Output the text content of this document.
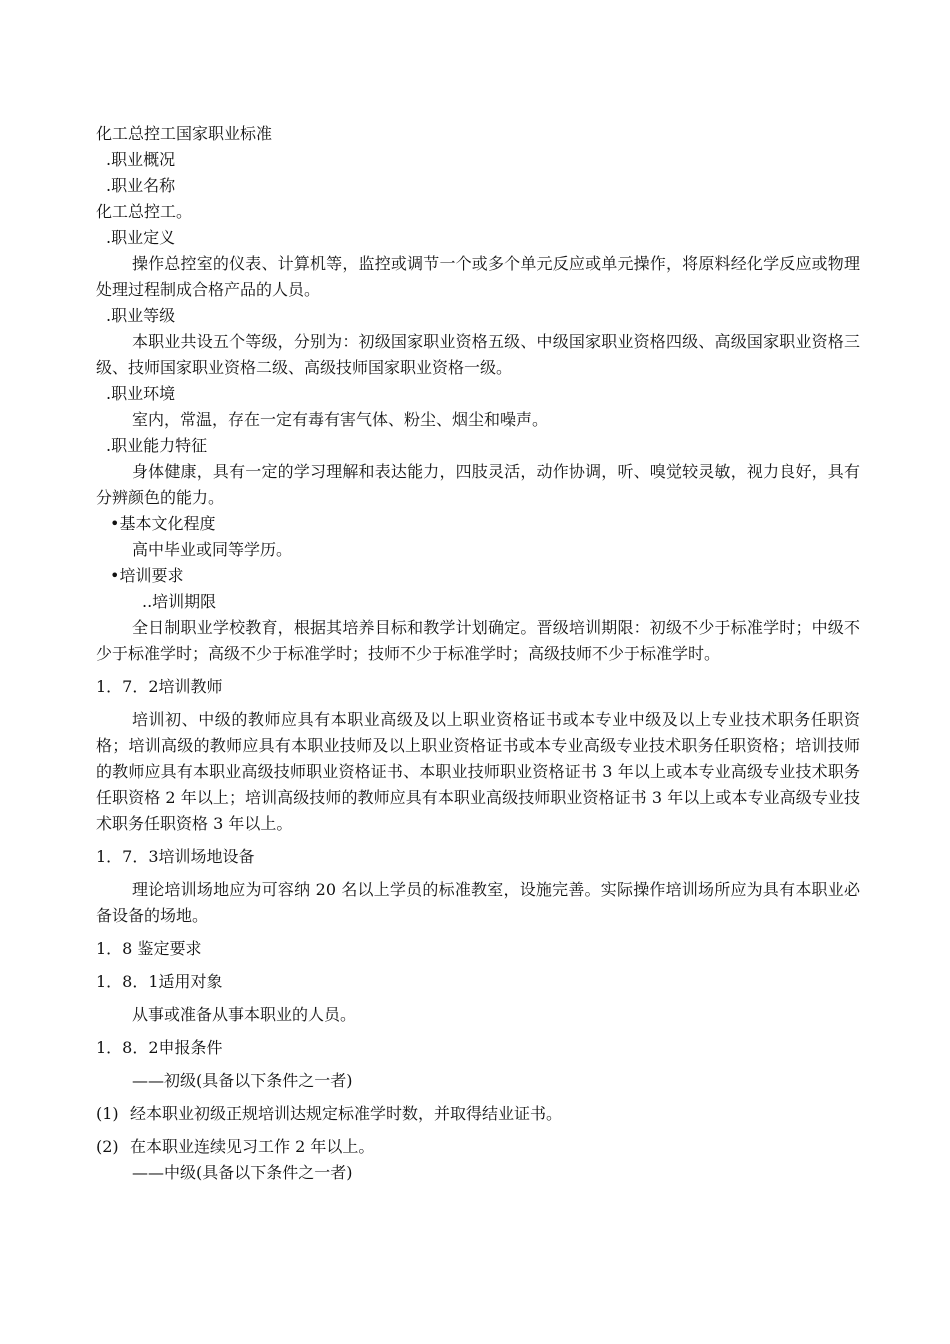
化工总控工国家职业标准
.职业概况
.职业名称
化工总控工。
.职业定义
操作总控室的仪表、计算机等，监控或调节一个或多个单元反应或单元操作，将原料经化学反应或物理处理过程制成合格产品的人员。
.职业等级
本职业共设五个等级，分别为：初级国家职业资格五级、中级国家职业资格四级、高级国家职业资格三级、技师国家职业资格二级、高级技师国家职业资格一级。
.职业环境
室内，常温，存在一定有毒有害气体、粉尘、烟尘和噪声。
.职业能力特征
身体健康，具有一定的学习理解和表达能力，四肢灵活，动作协调，听、嗅觉较灵敏，视力良好，具有分辨颜色的能力。
•基本文化程度
高中毕业或同等学历。
•培训要求
..培训期限
全日制职业学校教育，根据其培养目标和教学计划确定。晋级培训期限：初级不少于标准学时；中级不少于标准学时；高级不少于标准学时；技师不少于标准学时；高级技师不少于标准学时。
1．7．2培训教师
培训初、中级的教师应具有本职业高级及以上职业资格证书或本专业中级及以上专业技术职务任职资格；培训高级的教师应具有本职业技师及以上职业资格证书或本专业高级专业技术职务任职资格；培训技师的教师应具有本职业高级技师职业资格证书、本职业技师职业资格证书 3 年以上或本专业高级专业技术职务任职资格 2 年以上；培训高级技师的教师应具有本职业高级技师职业资格证书 3 年以上或本专业高级专业技术职务任职资格 3 年以上。
1．7．3培训场地设备
理论培训场地应为可容纳 20 名以上学员的标准教室，设施完善。实际操作培训场所应为具有本职业必备设备的场地。
1．8 鉴定要求
1．8．1适用对象
从事或准备从事本职业的人员。
1．8．2申报条件
——初级(具备以下条件之一者)
(1) 经本职业初级正规培训达规定标准学时数，并取得结业证书。
(2) 在本职业连续见习工作 2 年以上。
——中级(具备以下条件之一者)
